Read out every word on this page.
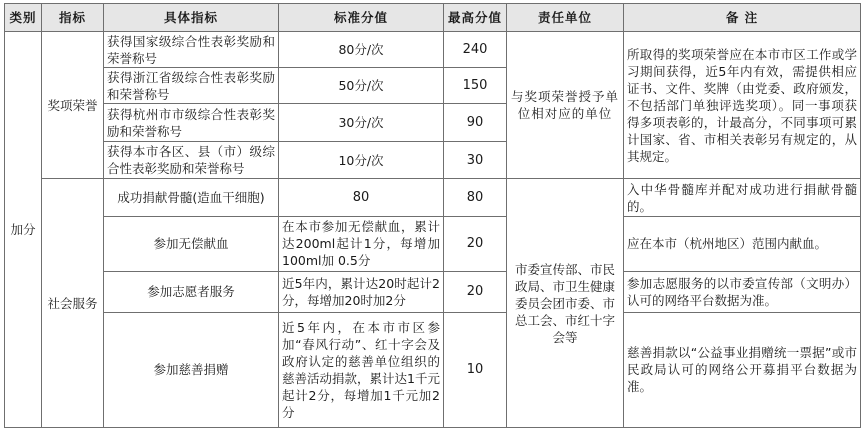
类别	指标	具体指标	标准分值	最高分值	责任单位	备 注
加分	奖项荣誉	获得国家级综合性表彰奖励和荣誉称号	80分/次	240	与奖项荣誉授予单位相对应的单位	所取得的奖项荣誉应在本市市区工作或学习期间获得，近5年内有效，需提供相应证书、文件、奖牌（由党委、政府颁发，不包括部门单独评选奖项）。同一事项获得多项表彰的，计最高分，不同事项可累计国家、省、市相关表彰另有规定的，从其规定。
		获得浙江省级综合性表彰奖励和荣誉称号	50分/次	150		
		获得杭州市市级综合性表彰奖励和荣誉称号	30分/次	90		
		获得本市各区、县（市）级综合性表彰奖励和荣誉称号	10分/次	30		
	社会服务	成功捐献骨髓(造血干细胞)	80	80	市委宣传部、市民政局、市卫生健康委员会团市委、市总工会、市红十字会等	入中华骨髓库并配对成功进行捐献骨髓的。
		参加无偿献血	在本市参加无偿献血，累计达200ml起计1分，每增加100ml加 0.5分	20		应在本市（杭州地区）范围内献血。
		参加志愿者服务	近5年内，累计达20时起计2分，每增加20时加2分	20		参加志愿服务的以市委宣传部（文明办）认可的网络平台数据为准。
		参加慈善捐赠	近5年内，在本市市区参加“春风行动”、红十字会及政府认定的慈善单位组织的慈善活动捐款，累计达1千元起计2分，每增加1千元加2分	10		慈善捐款以“公益事业捐赠统一票据”或市民政局认可的网络公开募捐平台数据为准。
